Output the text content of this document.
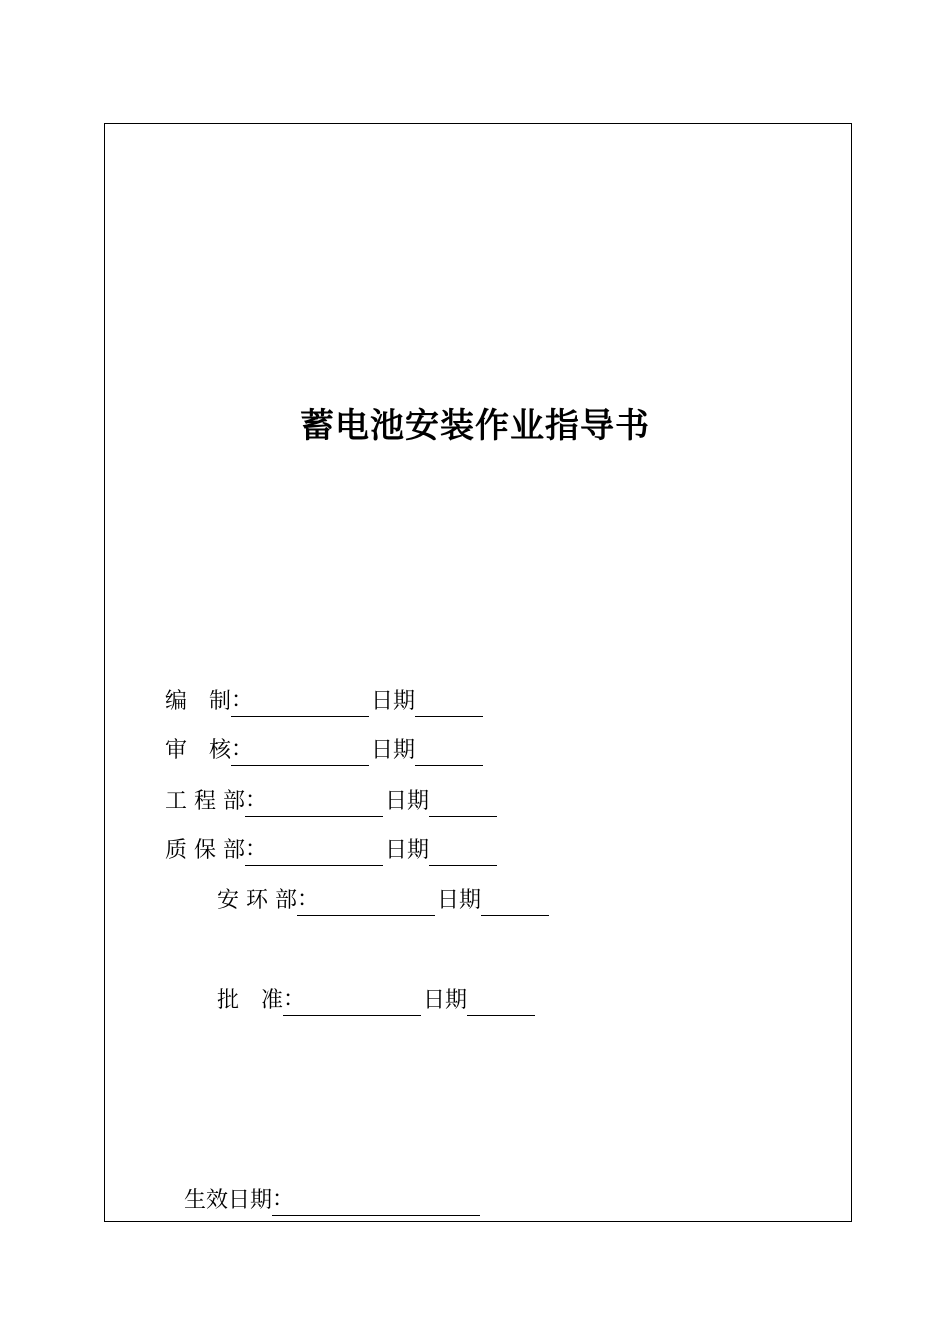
蓄电池安装作业指导书
编　制 ：	日期
审　核 ：	日期
工 程 部 ：	日期
质 保 部 ：	日期
安 环 部 ：	日期
批　准 ：	日期
生效日期 ：
